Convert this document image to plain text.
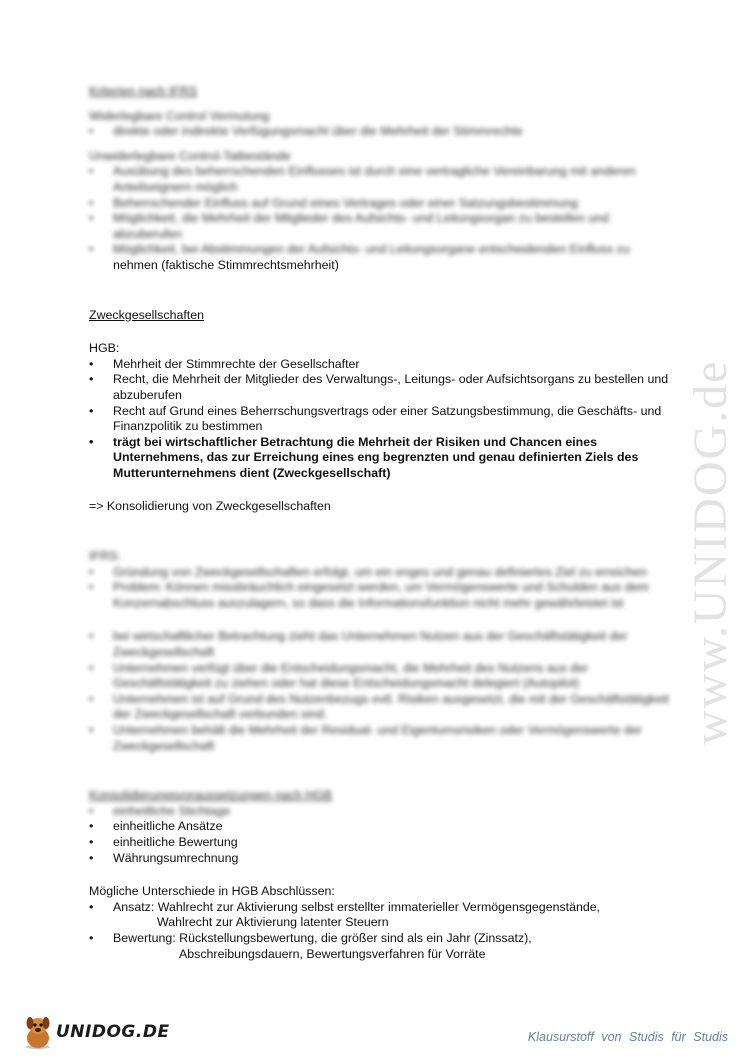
www.UNIDOG.de
Kriterien nach IFRS
Widerlegbare Control Vermutung
•	direkte oder indirekte Verfügungsmacht über die Mehrheit der Stimmrechte
Unwiderlegbare Control-Tatbestände
•	Ausübung des beherrschenden Einflusses ist durch eine vertragliche Vereinbarung mit anderen Anteilseignern möglich
•	Beherrschender Einfluss auf Grund eines Vertrages oder einer Satzungsbestimmung
•	Möglichkeit, die Mehrheit der Mitglieder des Aufsichts- und Leitungsorgan zu bestellen und abzuberufen
•	Möglichkeit, bei Abstimmungen der Aufsichts- und Leitungsorgane entscheidenden Einfluss zu
nehmen (faktische Stimmrechtsmehrheit)
Zweckgesellschaften
HGB:
•	Mehrheit der Stimmrechte der Gesellschafter
•	Recht, die Mehrheit der Mitglieder des Verwaltungs-, Leitungs- oder Aufsichtsorgans zu bestellen und abzuberufen
•	Recht auf Grund eines Beherrschungsvertrags oder einer Satzungsbestimmung, die Geschäfts- und Finanzpolitik zu bestimmen
•	trägt bei wirtschaftlicher Betrachtung die Mehrheit der Risiken und Chancen eines Unternehmens, das zur Erreichung eines eng begrenzten und genau definierten Ziels des Mutterunternehmens dient (Zweckgesellschaft)
=> Konsolidierung von Zweckgesellschaften
IFRS:
•	Gründung von Zweckgesellschaften erfolgt, um ein enges und genau definiertes Ziel zu erreichen
•	Problem: Können missbräuchlich eingesetzt werden, um Vermögenswerte und Schulden aus dem Konzernabschluss auszulagern, so dass die Informationsfunktion nicht mehr gewährleistet ist
•	bei wirtschaftlicher Betrachtung zieht das Unternehmen Nutzen aus der Geschäftstätigkeit der Zweckgesellschaft
•	Unternehmen verfügt über die Entscheidungsmacht, die Mehrheit des Nutzens aus der Geschäftstätigkeit zu ziehen oder hat diese Entscheidungsmacht delegiert (Autopilot)
•	Unternehmen ist auf Grund des Nutzenbezugs evtl. Risiken ausgesetzt, die mit der Geschäftstätigkeit der Zweckgesellschaft verbunden sind.
•	Unternehmen behält die Mehrheit der Residual- und Eigentumsrisiken oder Vermögenswerte der Zweckgesellschaft
Konsolidierungsvoraussetzungen nach HGB
•	einheitliche Stichtage
•	einheitliche Ansätze
•	einheitliche Bewertung
•	Währungsumrechnung
Mögliche Unterschiede in HGB Abschlüssen:
•	Ansatz: Wahlrecht zur Aktivierung selbst erstellter immaterieller Vermögensgegenstände,
Wahlrecht zur Aktivierung latenter Steuern
•	Bewertung: Rückstellungsbewertung, die größer sind als ein Jahr (Zinssatz),
Abschreibungsdauern, Bewertungsverfahren für Vorräte
UNIDOG.DE	Klausurstoff von Studis für Studis
